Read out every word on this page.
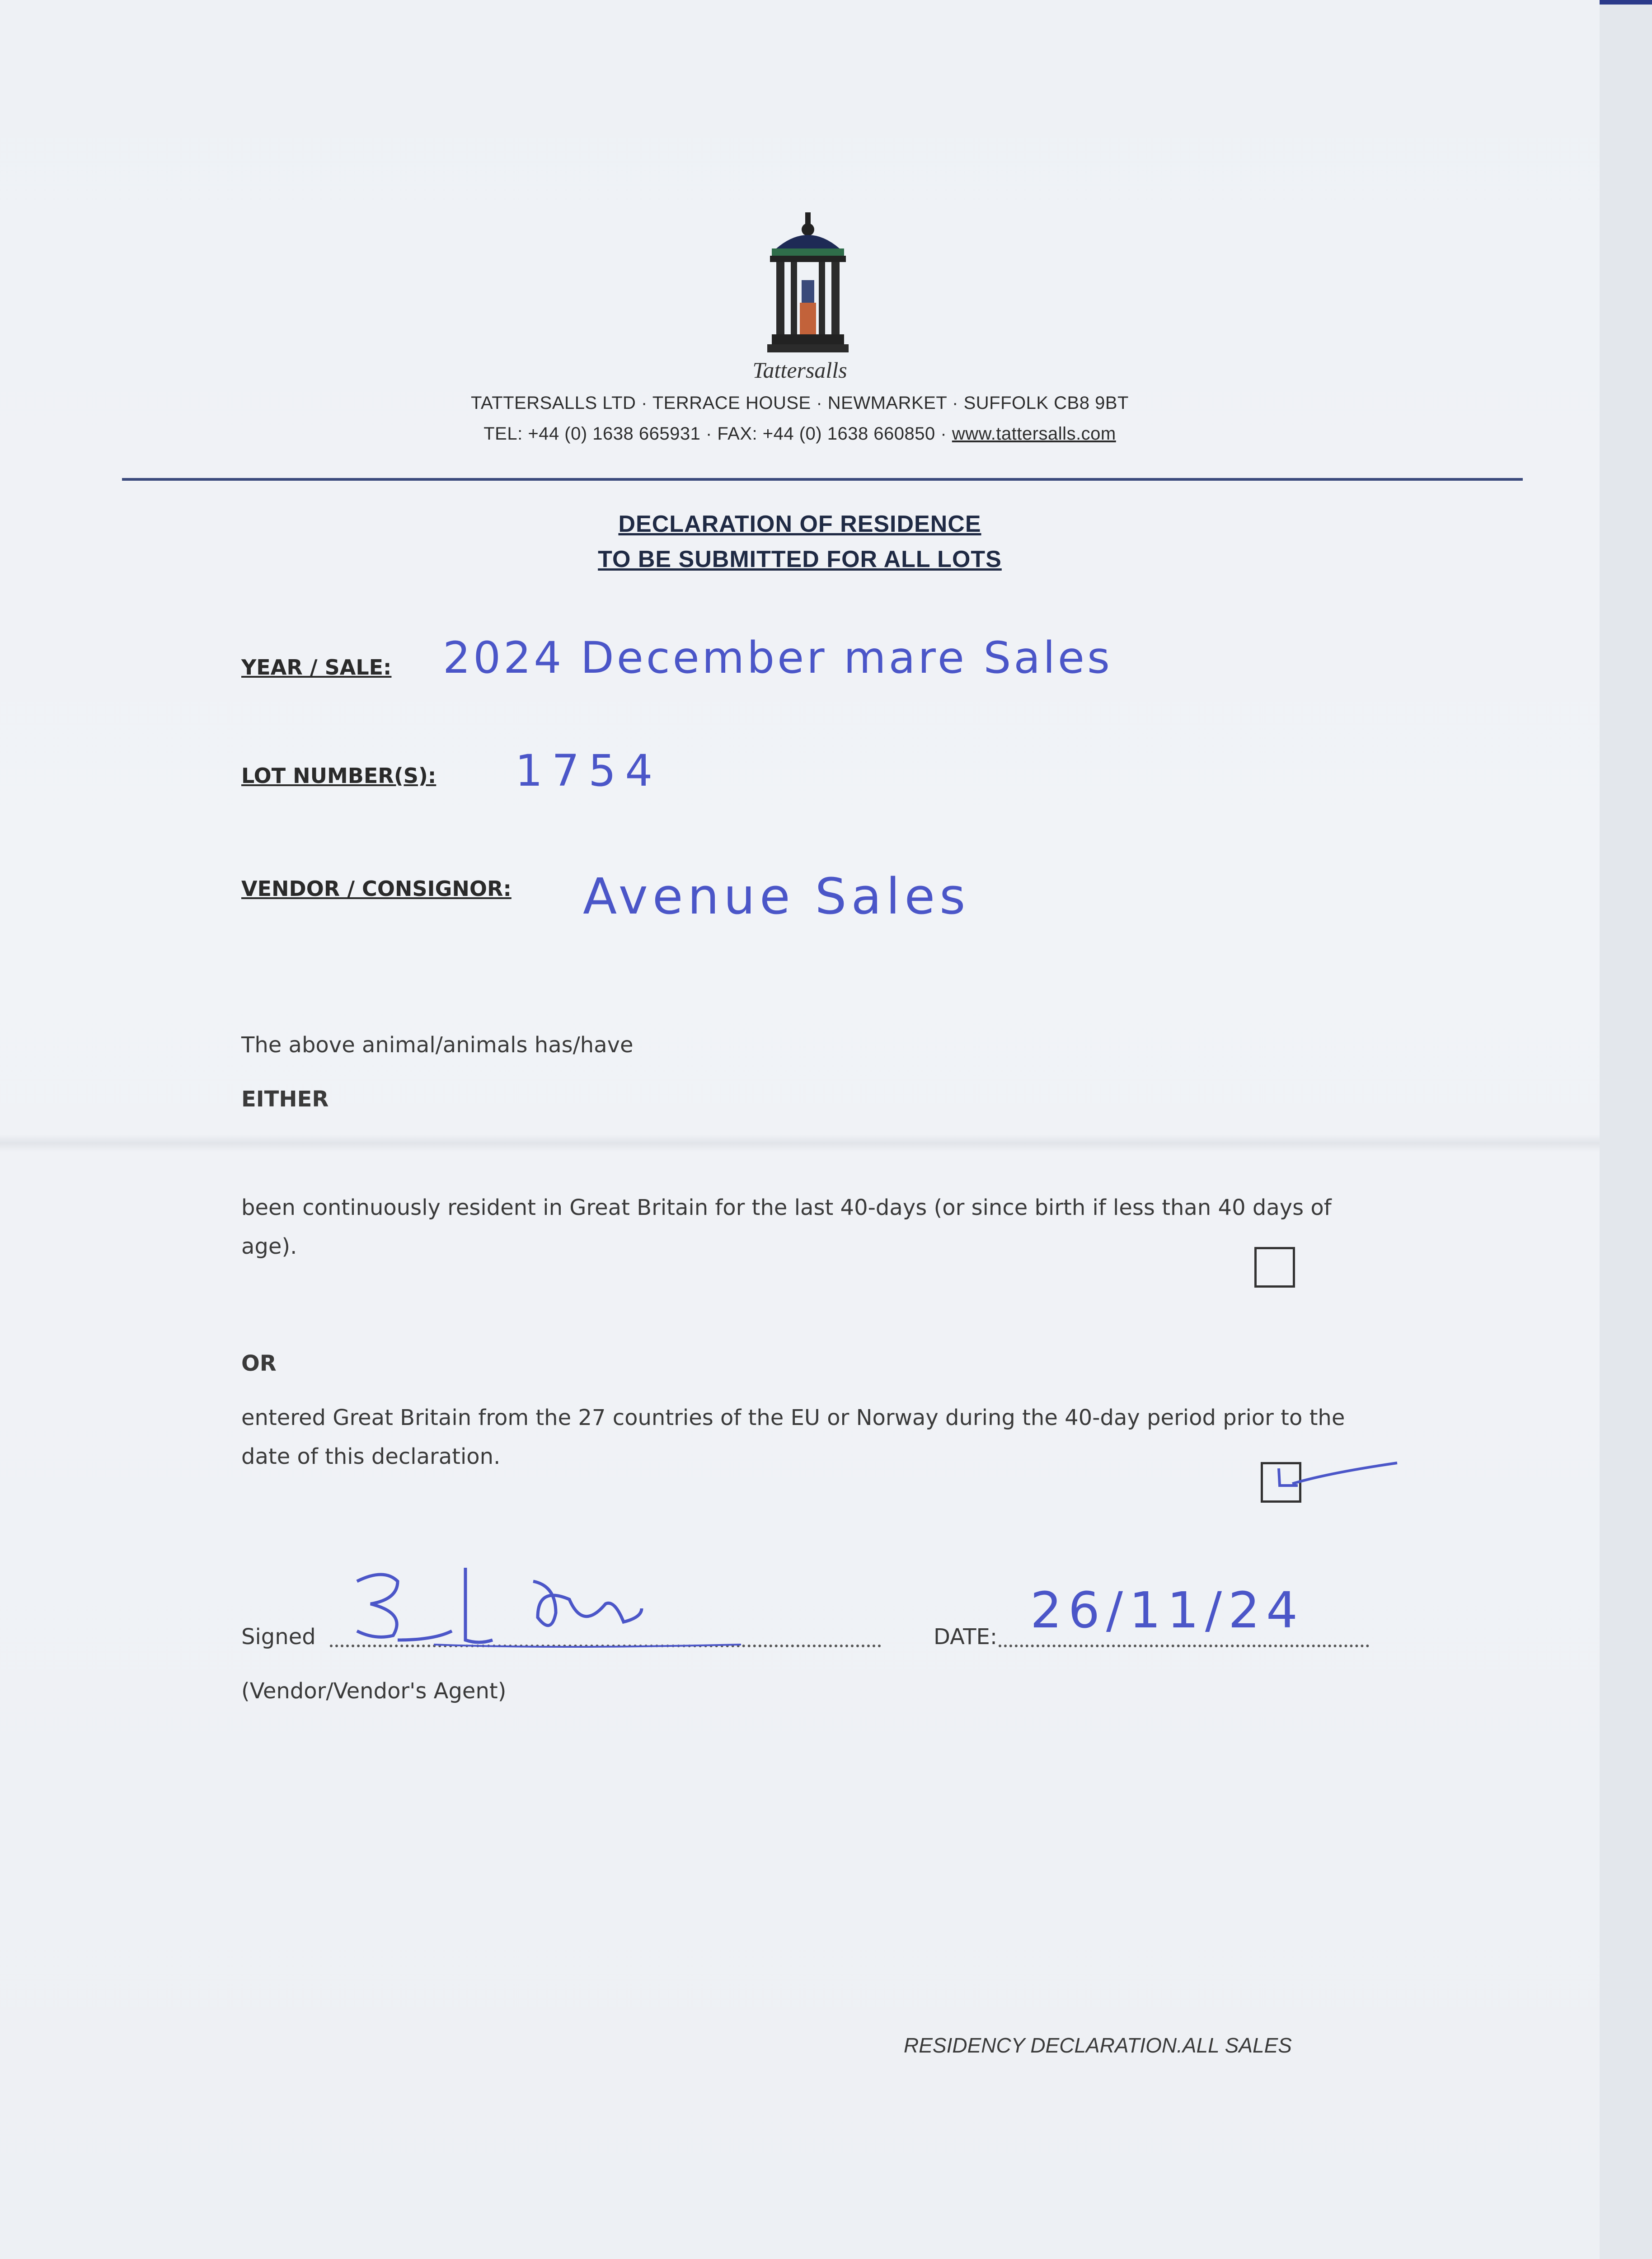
Tattersalls
TATTERSALLS LTD · TERRACE HOUSE · NEWMARKET · SUFFOLK CB8 9BT
TEL: +44 (0) 1638 665931 · FAX: +44 (0) 1638 660850 · www.tattersalls.com
DECLARATION OF RESIDENCE
TO BE SUBMITTED FOR ALL LOTS
YEAR / SALE: 2024 December mare Sales
LOT NUMBER(S): 1754
VENDOR / CONSIGNOR: Avenue Sales
The above animal/animals has/have
EITHER
been continuously resident in Great Britain for the last 40-days (or since birth if less than 40 days of age).
OR
entered Great Britain from the 27 countries of the EU or Norway during the 40-day period prior to the date of this declaration.
Signed	DATE: 26/11/24
(Vendor/Vendor's Agent)
RESIDENCY DECLARATION.ALL SALES
